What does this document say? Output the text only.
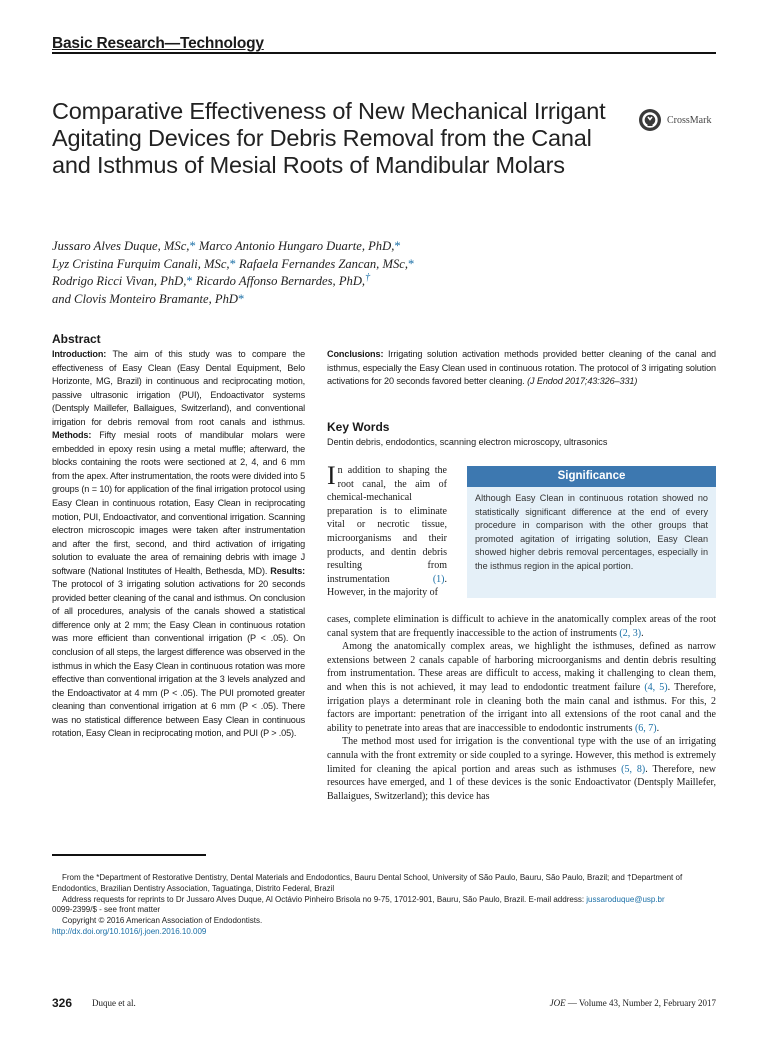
Basic Research—Technology
Comparative Effectiveness of New Mechanical Irrigant Agitating Devices for Debris Removal from the Canal and Isthmus of Mesial Roots of Mandibular Molars
CrossMark
Jussaro Alves Duque, MSc,* Marco Antonio Hungaro Duarte, PhD,*
Lyz Cristina Furquim Canali, MSc,* Rafaela Fernandes Zancan, MSc,*
Rodrigo Ricci Vivan, PhD,* Ricardo Affonso Bernardes, PhD,†
and Clovis Monteiro Bramante, PhD*
Abstract
Introduction: The aim of this study was to compare the effectiveness of Easy Clean (Easy Dental Equipment, Belo Horizonte, MG, Brazil) in continuous and reciprocating motion, passive ultrasonic irrigation (PUI), Endoactivator systems (Dentsply Maillefer, Ballaigues, Switzerland), and conventional irrigation for debris removal from root canals and isthmus. Methods: Fifty mesial roots of mandibular molars were embedded in epoxy resin using a metal muffle; afterward, the blocks containing the roots were sectioned at 2, 4, and 6 mm from the apex. After instrumentation, the roots were divided into 5 groups (n = 10) for application of the final irrigation protocol using Easy Clean in continuous rotation, Easy Clean in reciprocating motion, PUI, Endoactivator, and conventional irrigation. Scanning electron microscopic images were taken after instrumentation and after the first, second, and third activation of irrigating solution to evaluate the area of remaining debris with image J software (National Institutes of Health, Bethesda, MD). Results: The protocol of 3 irrigating solution activations for 20 seconds provided better cleaning of the canal and isthmus. On conclusion of all procedures, analysis of the canals showed a statistical difference only at 2 mm; the Easy Clean in continuous rotation was more efficient than conventional irrigation (P < .05). On conclusion of all steps, the largest difference was observed in the isthmus in which the Easy Clean in continuous rotation was more effective than conventional irrigation at the 3 levels analyzed and the Endoactivator at 4 mm (P < .05). The PUI promoted greater cleaning than conventional irrigation at 6 mm (P < .05). There was no statistical difference between Easy Clean in continuous rotation, Easy Clean in reciprocating motion, and PUI (P > .05).
Conclusions: Irrigating solution activation methods provided better cleaning of the canal and isthmus, especially the Easy Clean used in continuous rotation. The protocol of 3 irrigating solution activations for 20 seconds favored better cleaning. (J Endod 2017;43:326–331)
Key Words
Dentin debris, endodontics, scanning electron microscopy, ultrasonics
In addition to shaping the root canal, the aim of chemical-mechanical preparation is to eliminate vital or necrotic tissue, microorganisms and their products, and dentin debris resulting from instrumentation	(1). However, in the majority of
Significance
Although Easy Clean in continuous rotation showed no statistically significant difference at the end of every procedure in comparison with the other groups that promoted agitation of irrigating solution, Easy Clean showed higher debris removal percentages, especially in the isthmus region in the apical portion.

cases, complete elimination is difficult to achieve in the anatomically complex areas of the root canal system that are frequently inaccessible to the action of instruments (2, 3).

Among the anatomically complex areas, we highlight the isthmuses, defined as narrow extensions between 2 canals capable of harboring microorganisms and dentin debris resulting from instrumentation. These areas are difficult to access, making it challenging to clean them, and when this is not achieved, it may lead to endodontic treatment failure (4, 5). Therefore, irrigation plays a determinant role in cleaning both the main canal and isthmus. For this, 2 factors are important: penetration of the irrigant into all extensions of the root canal and the ability to penetrate into areas that are inaccessible to endodontic instruments (6, 7).

The method most used for irrigation is the conventional type with the use of an irrigating cannula with the front extremity or side coupled to a syringe. However, this method is extremely limited for cleaning the apical portion and areas such as isthmuses (5, 8). Therefore, new resources have emerged, and 1 of these devices is the sonic Endoactivator (Dentsply Maillefer, Ballaigues, Switzerland); this device has

From the *Department of Restorative Dentistry, Dental Materials and Endodontics, Bauru Dental School, University of São Paulo, Bauru, São Paulo, Brazil; and †Department of Endodontics, Brazilian Dentistry Association, Taguatinga, Distrito Federal, Brazil
Address requests for reprints to Dr Jussaro Alves Duque, Al Octávio Pinheiro Brisola no 9-75, 17012-901, Bauru, São Paulo, Brazil. E-mail address: jussaroduque@usp.br
0099-2399/$ - see front matter
Copyright © 2016 American Association of Endodontists.
http://dx.doi.org/10.1016/j.joen.2016.10.009
326 Duque et al.	JOE — Volume 43, Number 2, February 2017
